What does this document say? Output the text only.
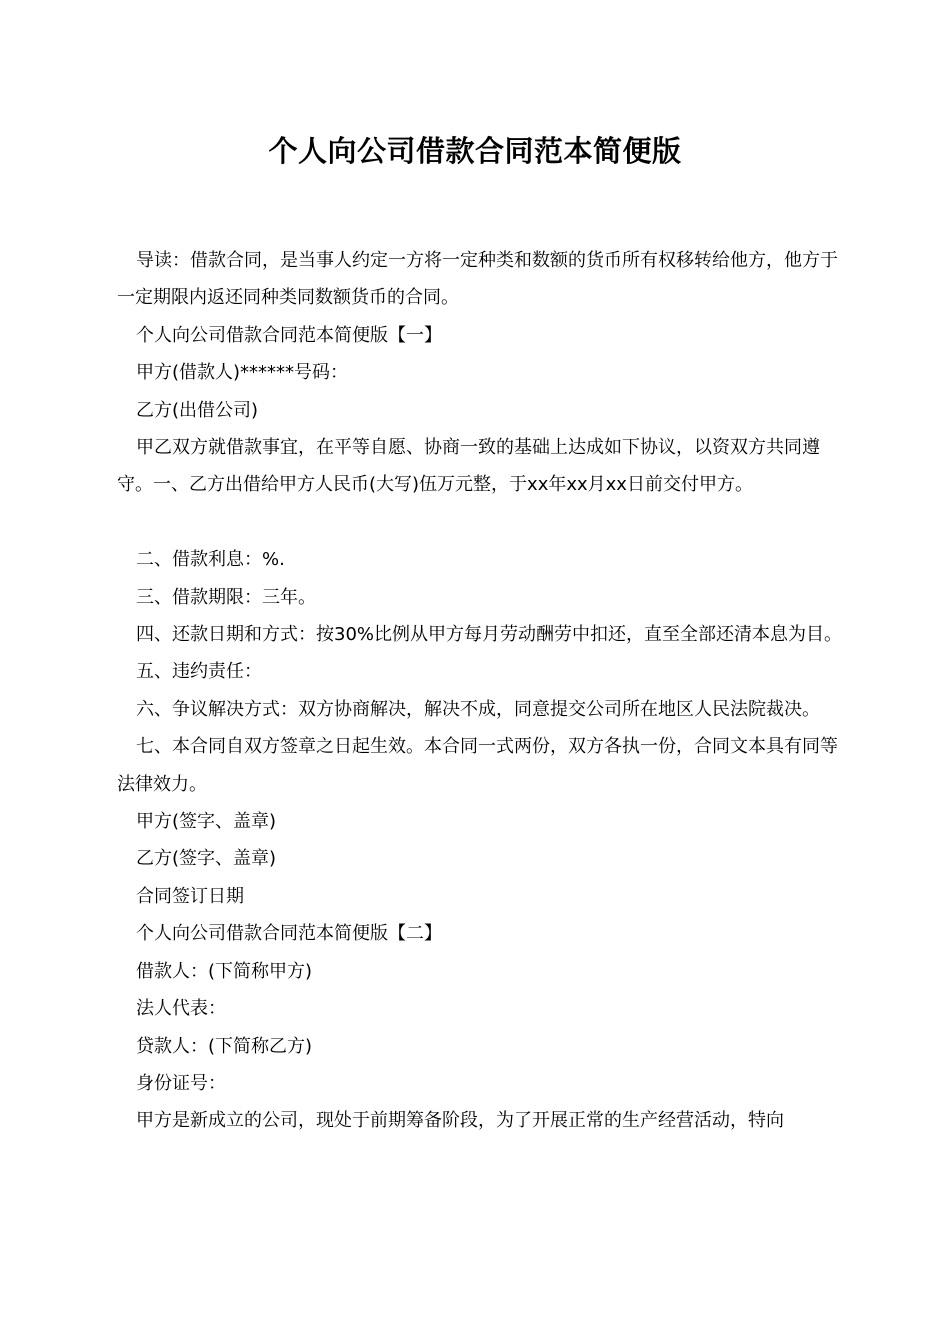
个人向公司借款合同范本简便版

导读：借款合同，是当事人约定一方将一定种类和数额的货币所有权移转给他方，他方于一定期限内返还同种类同数额货币的合同。

个人向公司借款合同范本简便版【一】

甲方(借款人)******号码：

乙方(出借公司)

甲乙双方就借款事宜，在平等自愿、协商一致的基础上达成如下协议，以资双方共同遵守。一、乙方出借给甲方人民币(大写)伍万元整，于xx年xx月xx日前交付甲方。

二、借款利息：%.

三、借款期限：三年。

四、还款日期和方式：按30%比例从甲方每月劳动酬劳中扣还，直至全部还清本息为目。

五、违约责任：

六、争议解决方式：双方协商解决，解决不成，同意提交公司所在地区人民法院裁决。

七、本合同自双方签章之日起生效。本合同一式两份，双方各执一份，合同文本具有同等法律效力。

甲方(签字、盖章)

乙方(签字、盖章)

合同签订日期

个人向公司借款合同范本简便版【二】

借款人：(下简称甲方)

法人代表：

贷款人：(下简称乙方)

身份证号：

甲方是新成立的公司，现处于前期筹备阶段，为了开展正常的生产经营活动，特向
